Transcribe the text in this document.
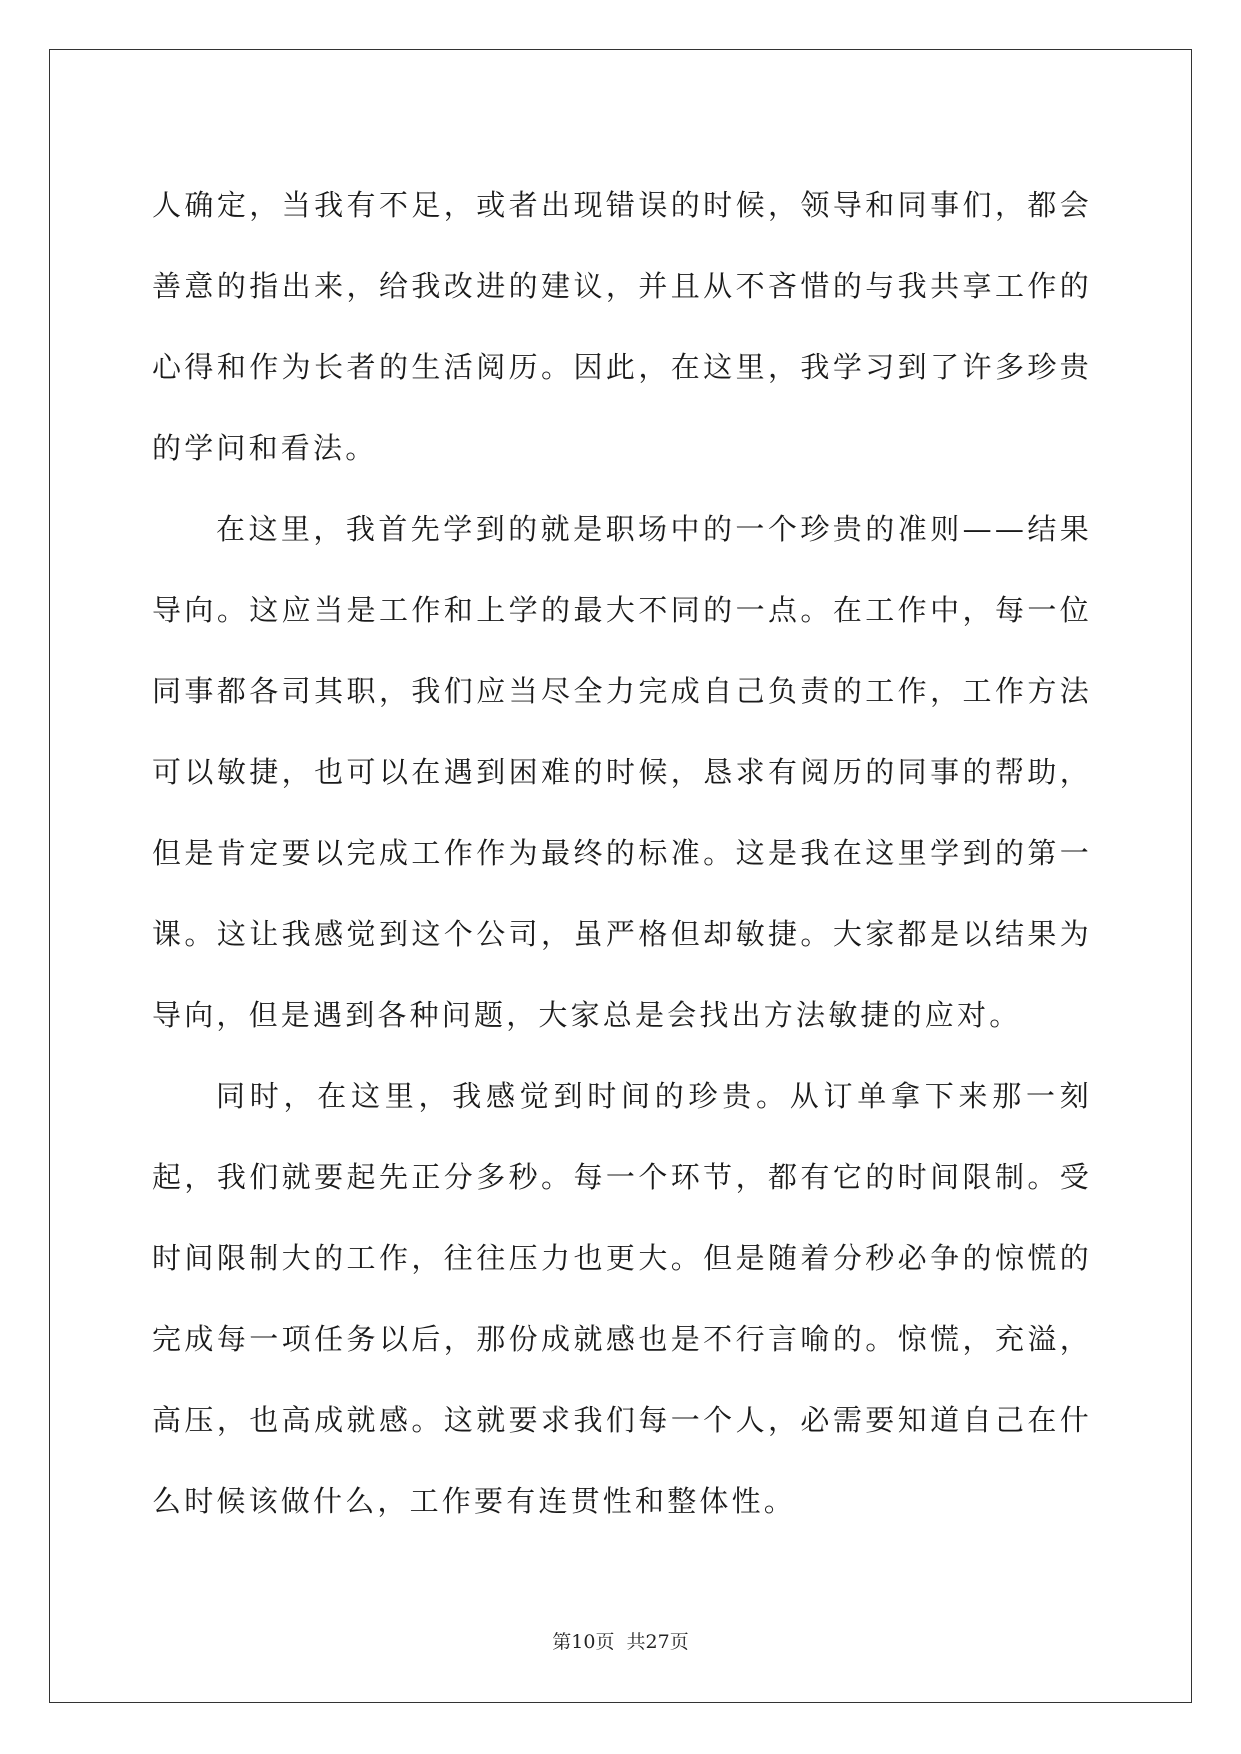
人确定，当我有不足，或者出现错误的时候，领导和同事们，都会善意的指出来，给我改进的建议，并且从不吝惜的与我共享工作的心得和作为长者的生活阅历。因此，在这里，我学习到了许多珍贵的学问和看法。

在这里，我首先学到的就是职场中的一个珍贵的准则——结果导向。这应当是工作和上学的最大不同的一点。在工作中，每一位同事都各司其职，我们应当尽全力完成自己负责的工作，工作方法可以敏捷，也可以在遇到困难的时候，恳求有阅历的同事的帮助，但是肯定要以完成工作作为最终的标准。这是我在这里学到的第一课。这让我感觉到这个公司，虽严格但却敏捷。大家都是以结果为导向，但是遇到各种问题，大家总是会找出方法敏捷的应对。

同时，在这里，我感觉到时间的珍贵。从订单拿下来那一刻起，我们就要起先正分多秒。每一个环节，都有它的时间限制。受时间限制大的工作，往往压力也更大。但是随着分秒必争的惊慌的完成每一项任务以后，那份成就感也是不行言喻的。惊慌，充溢，高压，也高成就感。这就要求我们每一个人，必需要知道自己在什么时候该做什么，工作要有连贯性和整体性。

第10页 共27页
